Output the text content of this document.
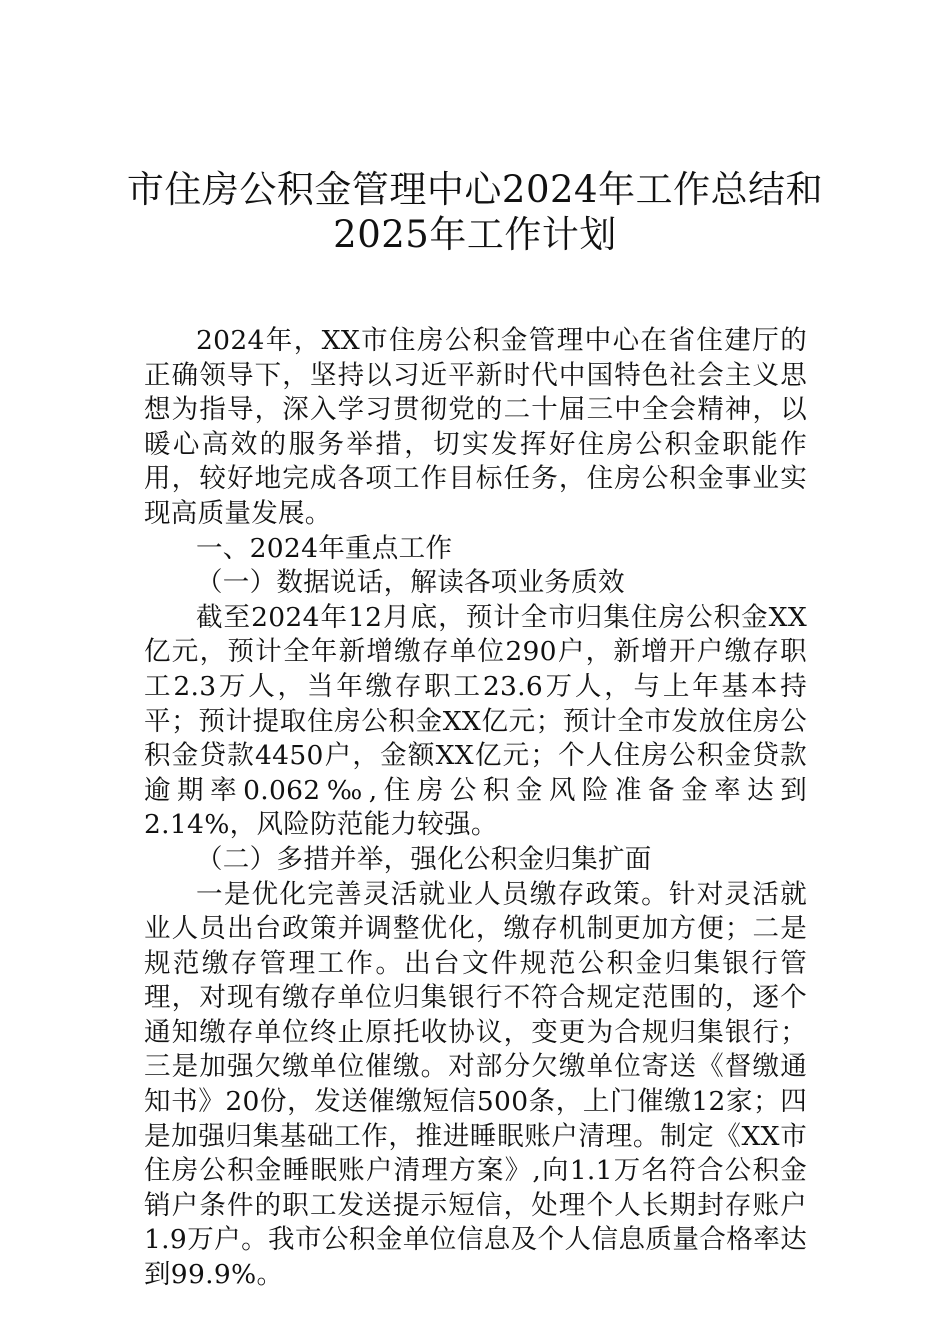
市住房公积金管理中心2024年工作总结和
2025年工作计划

2024年，XX市住房公积金管理中心在省住建厅的正确领导下，坚持以习近平新时代中国特色社会主义思想为指导，深入学习贯彻党的二十届三中全会精神，以暖心高效的服务举措，切实发挥好住房公积金职能作用，较好地完成各项工作目标任务，住房公积金事业实现高质量发展。

一、2024年重点工作

（一）数据说话，解读各项业务质效

截至2024年12月底，预计全市归集住房公积金XX亿元，预计全年新增缴存单位290户，新增开户缴存职工2.3万人，当年缴存职工23.6万人，与上年基本持平；预计提取住房公积金XX亿元；预计全市发放住房公积金贷款4450户，金额XX亿元；个人住房公积金贷款逾期率0.062‰,住房公积金风险准备金率达到2.14%，风险防范能力较强。

（二）多措并举，强化公积金归集扩面

一是优化完善灵活就业人员缴存政策。针对灵活就业人员出台政策并调整优化，缴存机制更加方便；二是规范缴存管理工作。出台文件规范公积金归集银行管理，对现有缴存单位归集银行不符合规定范围的，逐个通知缴存单位终止原托收协议，变更为合规归集银行；三是加强欠缴单位催缴。对部分欠缴单位寄送《督缴通知书》20份，发送催缴短信500条，上门催缴12家；四是加强归集基础工作，推进睡眠账户清理。制定《XX市住房公积金睡眠账户清理方案》,向1.1万名符合公积金销户条件的职工发送提示短信，处理个人长期封存账户1.9万户。我市公积金单位信息及个人信息质量合格率达到99.9%。
